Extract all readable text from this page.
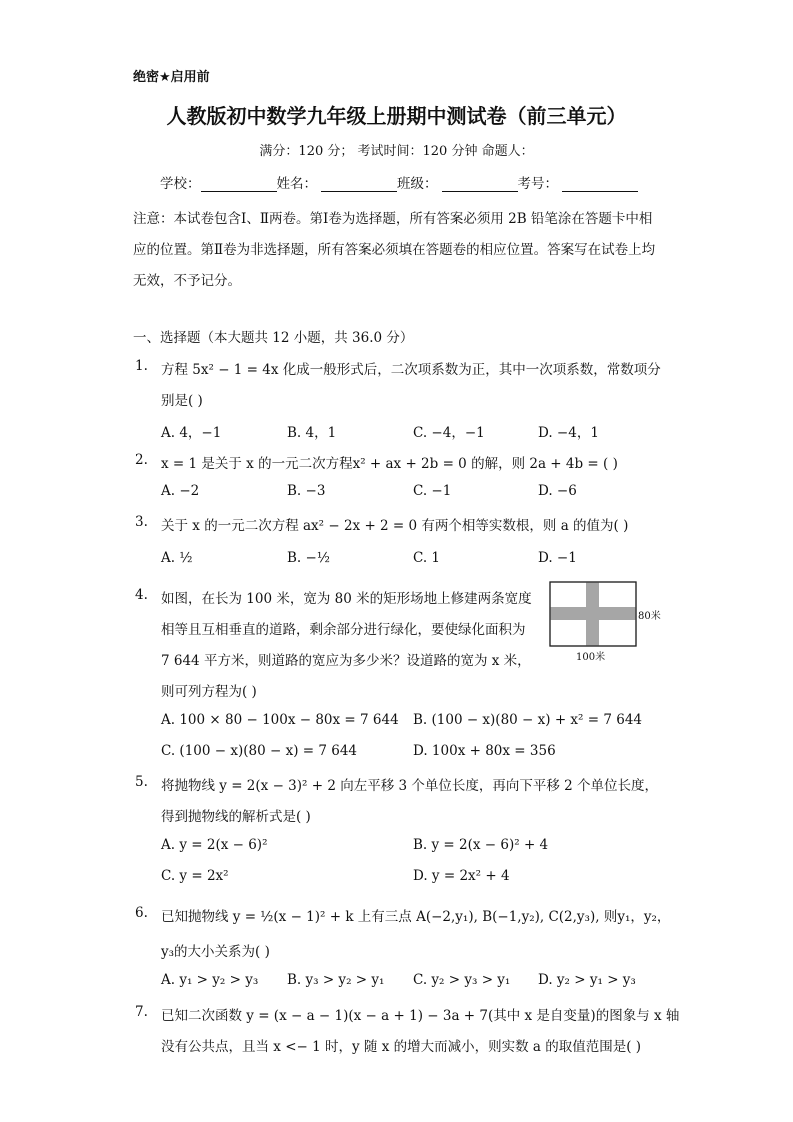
绝密★启用前
人教版初中数学九年级上册期中测试卷（前三单元）
满分：120 分； 考试时间：120 分钟 命题人：
学校：	姓名：	班级：	考号：
注意：本试卷包含Ⅰ、Ⅱ两卷。第Ⅰ卷为选择题，所有答案必须用 2B 铅笔涂在答题卡中相应的位置。第Ⅱ卷为非选择题，所有答案必须填在答题卷的相应位置。答案写在试卷上均无效，不予记分。
一、选择题（本大题共 12 小题，共 36.0 分）
1. 方程 5x² − 1 = 4x 化成一般形式后，二次项系数为正，其中一次项系数，常数项分
别是( )
A. 4，−1	B. 4，1	C. −4，−1	D. −4，1
2. x = 1 是关于 x 的一元二次方程x² + ax + 2b = 0 的解，则 2a + 4b = ( )
A. −2	B. −3	C. −1	D. −6
3. 关于 x 的一元二次方程 ax² − 2x + 2 = 0 有两个相等实数根，则 a 的值为( )
A. ½	B. −½	C. 1	D. −1
4. 如图，在长为 100 米，宽为 80 米的矩形场地上修建两条宽度
相等且互相垂直的道路，剩余部分进行绿化，要使绿化面积为
7 644 平方米，则道路的宽应为多少米？设道路的宽为 x 米，
则可列方程为( )
A. 100 × 80 − 100x − 80x = 7 644 B. (100 − x)(80 − x) + x² = 7 644
C. (100 − x)(80 − x) = 7 644	D. 100x + 80x = 356
80米
100米
5. 将抛物线 y = 2(x − 3)² + 2 向左平移 3 个单位长度，再向下平移 2 个单位长度，
得到抛物线的解析式是( )
A. y = 2(x − 6)²	B. y = 2(x − 6)² + 4
C. y = 2x²	D. y = 2x² + 4
6. 已知抛物线 y = ½(x − 1)² + k 上有三点 A(−2,y₁), B(−1,y₂), C(2,y₃), 则y₁，y₂，
y₃的大小关系为( )
A. y₁ > y₂ > y₃ B. y₃ > y₂ > y₁ C. y₂ > y₃ > y₁ D. y₂ > y₁ > y₃
7. 已知二次函数 y = (x − a − 1)(x − a + 1) − 3a + 7(其中 x 是自变量)的图象与 x 轴
没有公共点，且当 x <− 1 时，y 随 x 的增大而减小，则实数 a 的取值范围是( )
